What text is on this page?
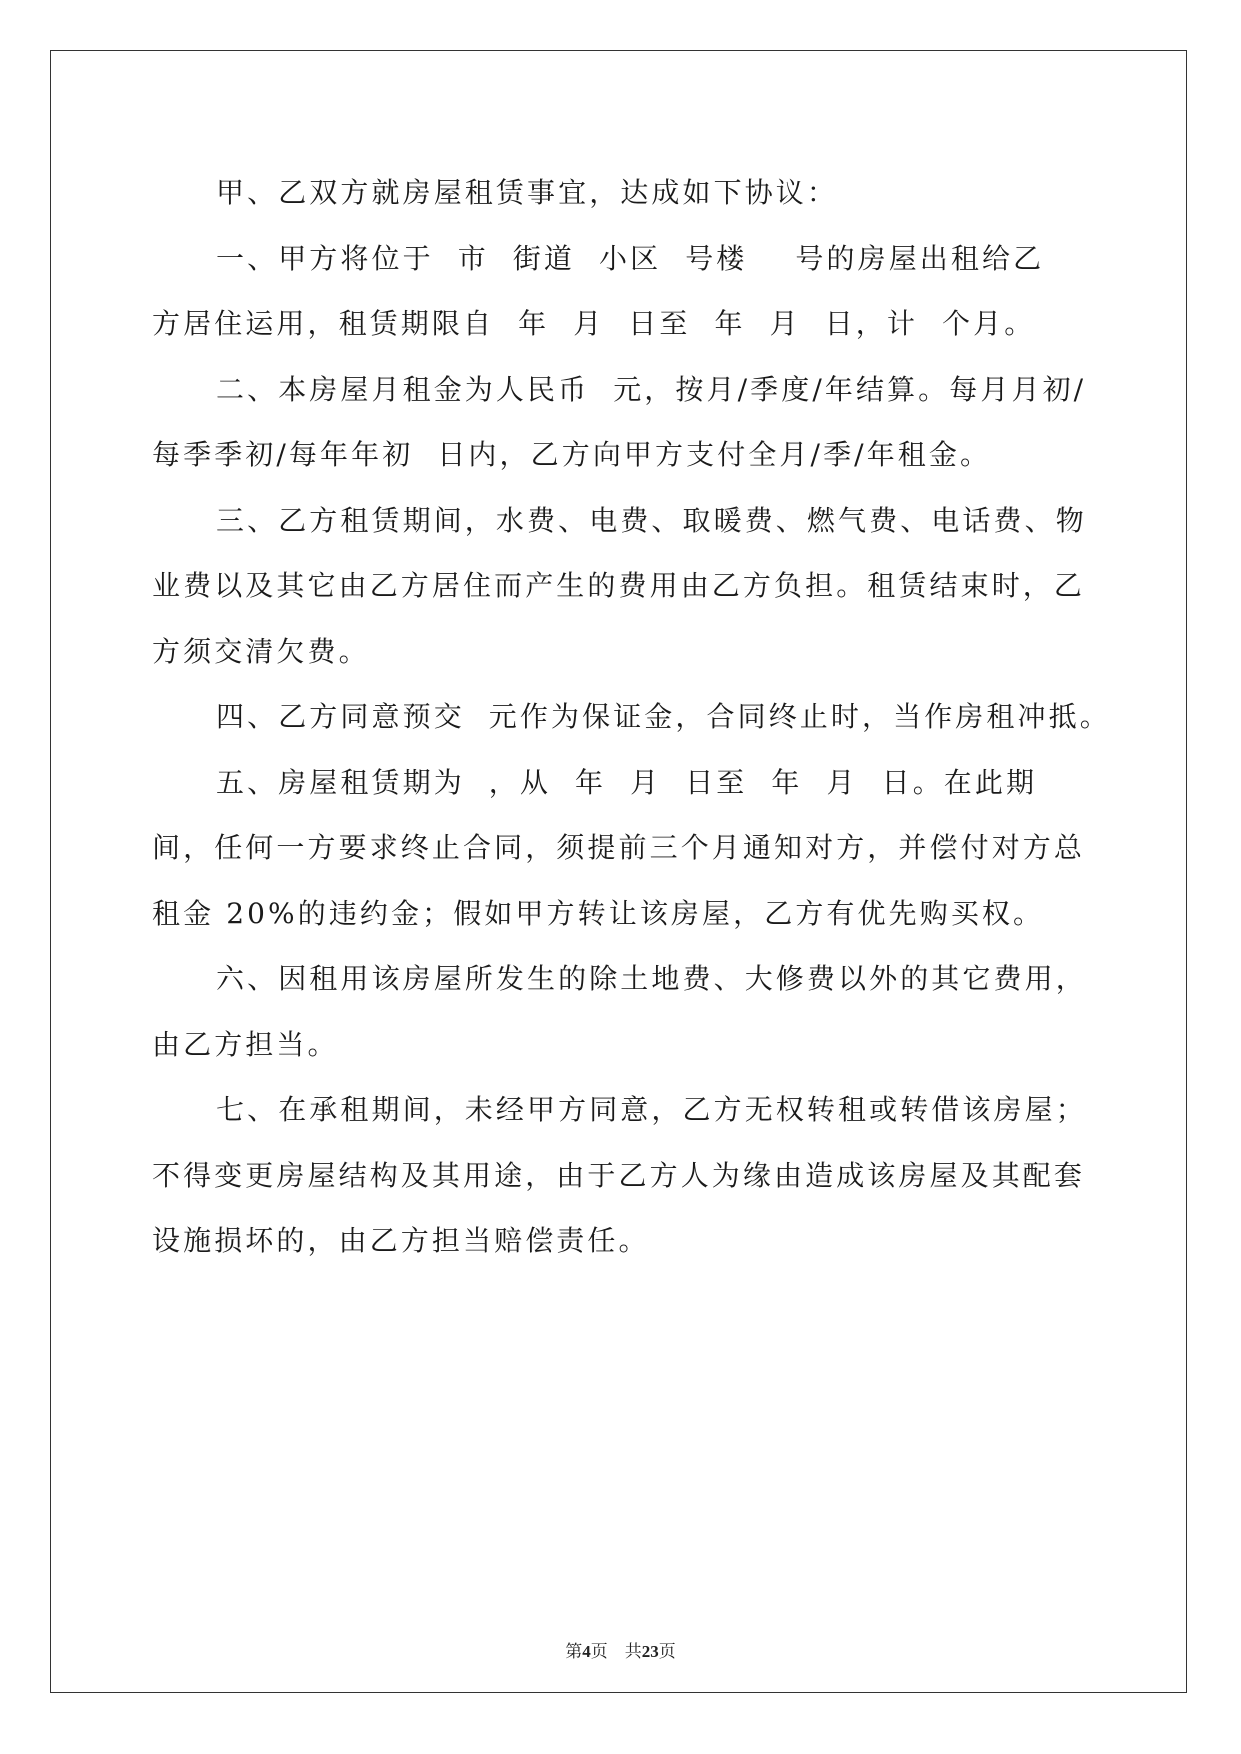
甲、乙双方就房屋租赁事宜，达成如下协议：
一、甲方将位于  市  街道  小区  号楼    号的房屋出租给乙
方居住运用，租赁期限自  年  月  日至  年  月  日，计  个月。
二、本房屋月租金为人民币  元，按月/季度/年结算。每月月初/
每季季初/每年年初  日内，乙方向甲方支付全月/季/年租金。
三、乙方租赁期间，水费、电费、取暖费、燃气费、电话费、物
业费以及其它由乙方居住而产生的费用由乙方负担。租赁结束时，乙
方须交清欠费。
四、乙方同意预交  元作为保证金，合同终止时，当作房租冲抵。
五、房屋租赁期为  ，从  年  月  日至  年  月  日。在此期
间，任何一方要求终止合同，须提前三个月通知对方，并偿付对方总
租金 20%的违约金；假如甲方转让该房屋，乙方有优先购买权。
六、因租用该房屋所发生的除土地费、大修费以外的其它费用，
由乙方担当。
七、在承租期间，未经甲方同意，乙方无权转租或转借该房屋；
不得变更房屋结构及其用途，由于乙方人为缘由造成该房屋及其配套
设施损坏的，由乙方担当赔偿责任。
第4页 共23页
